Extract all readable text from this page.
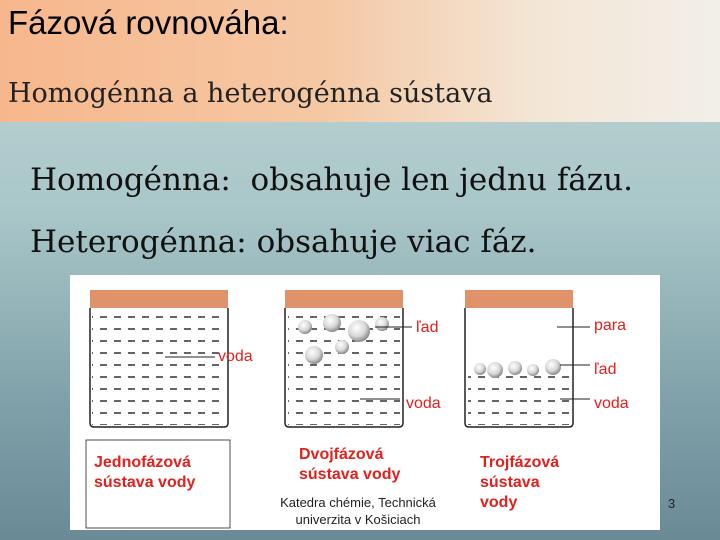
Fázová rovnováha:
Homogénna a heterogénna sústava
Homogénna: obsahuje len jednu fázu.
Heterogénna: obsahuje viac fáz.
voda
ľad
voda
para
ľad
voda
Jednofázová sústava vody
Dvojfázová sústava vody
Trojfázová sústava vody
Katedra chémie, Technická univerzita v Košiciach
3
